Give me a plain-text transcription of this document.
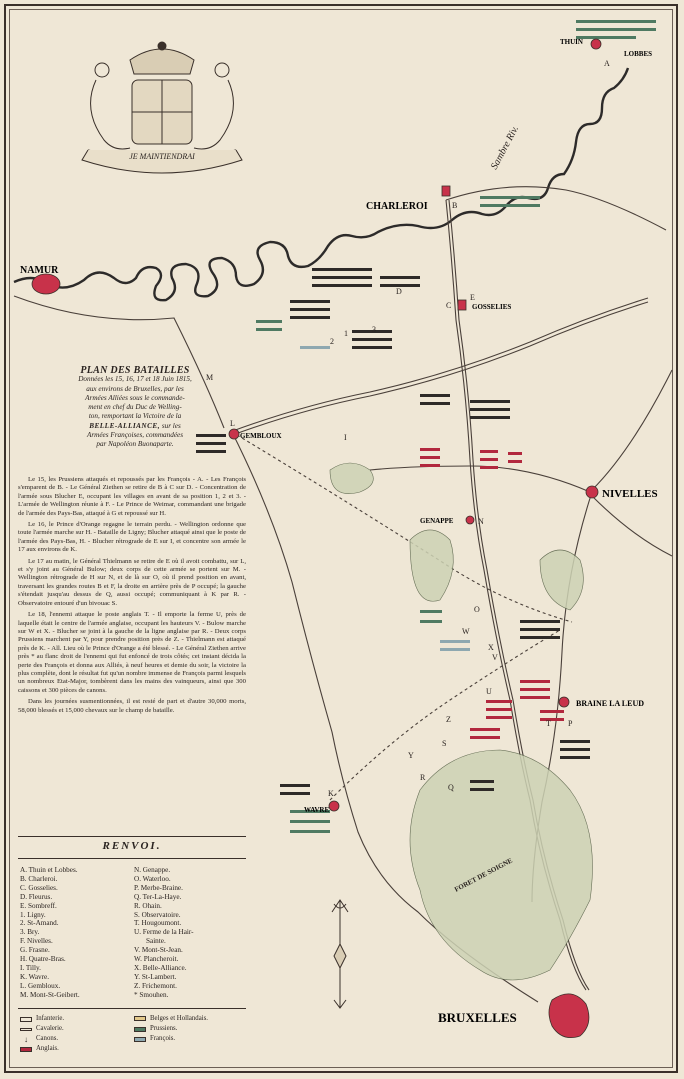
JE MAINTIENDRAI	Sambre Riv.
FORET DE SOIGNE
THUIN
LOBBES
CHARLEROI
NAMUR
GOSSELIES
GEMBLOUX
NIVELLES
GENAPPE
BRAINE LA LEUD
WAVRE
BRUXELLES
A
B
C
D
E
I
K
L
M
N
O
P
Q
R
S
T
U
V
W
X
Y
Z
1
2
3
PLAN DES BATAILLES
Données les 15, 16, 17 et 18 Juin 1815,
aux environs de Bruxelles, par les
Armées Alliées sous le commande-
ment en chef du Duc de Welling-
ton, remportant la Victoire de la
BELLE-ALLIANCE, sur les
Armées Françoises, commandées
par Napoléon Buonaparte.

Le 15, les Prussiens attaqués et repoussés par les François - A. - Les François s'emparent de B. - Le Général Ziethen se retire de B à C sur D. - Concentration de l'armée sous Blucher E, occupant les villages en avant de sa position 1, 2 et 3. - L'armée de Wellington réunie à F. - Le Prince de Weimar, commandant une brigade de l'armée des Pays-Bas, attaqué à G et repoussé sur H.

Le 16, le Prince d'Orange regagne le terrain perdu. - Wellington ordonne que toute l'armée marche sur H. - Bataille de Ligny; Blucher attaqué ainsi que le poste de l'armée des Pays-Bas, H. - Blucher rétrograde de E sur I, et concentre son armée le 17 aux environs de K.

Le 17 au matin, le Général Thielmann se retire de E où il avoit combattu, sur L, et s'y joint au Général Bulow; deux corps de cette armée se portent sur M. - Wellington rétrograde de H sur N, et de là sur O, où il prend position en avant, traversant les grandes routes B et F, la droite en arrière près de P occupé; la gauche s'étendait jusqu'au dessus de Q, aussi occupé; communiquant à K par R. - Observatoire entouré d'un bivouac S.

Le 18, l'ennemi attaque le poste anglais T. - Il emporte la ferme U, près de laquelle était le centre de l'armée anglaise, occupant les hauteurs V. - Bulow marche sur W et X. - Blucher se joint à la gauche de la ligne anglaise par R. - Deux corps Prussiens marchent par Y, pour prendre position près de Z. - Thielmann est attaqué près de K. - All. Lieu où le Prince d'Orange a été blessé. - Le Général Ziethen arrive près * au flanc droit de l'ennemi qui fut enfoncé de trois côtés; cet instant décida la perte des François et donna aux Alliés, à neuf heures et demie du soir, la victoire la plus complète, dont le résultat fut qu'un nombre immense de François parmi lesquels un nombreux Etat-Major, tombèrent dans les mains des vainqueurs, ainsi que 300 caissons et 300 pièces de canons.

Dans les journées susmentionnées, il est resté de part et d'autre 30,000 morts, 58,000 blessés et 15,000 chevaux sur le champ de bataille.

RENVOI.
A. Thuin et Lobbes.
B. Charleroi.
C. Gosselies.
D. Fleurus.
E. Sombreff.
1. Ligny.
2. St-Amand.
3. Bry.
F. Nivelles.
G. Frasne.
H. Quatre-Bras.
I. Tilly.
K. Wavre.
L. Gembloux.
M. Mont-St-Geibert.
N. Genappe.
O. Waterloo.
P. Merbe-Braine.
Q. Ter-La-Haye.
R. Ohain.
S. Observatoire.
T. Hougoumont.
U. Ferme de la Hair-
Sainte.
V. Mont-St-Jean.
W. Plancheroit.
X. Belle-Alliance.
Y. St-Lambert.
Z. Frichemont.
* Smouhen.
Infanterie.
Cavalerie.
↓	Canons.
Anglais.
Belges et Hollandais.
Prussiens.
François.
